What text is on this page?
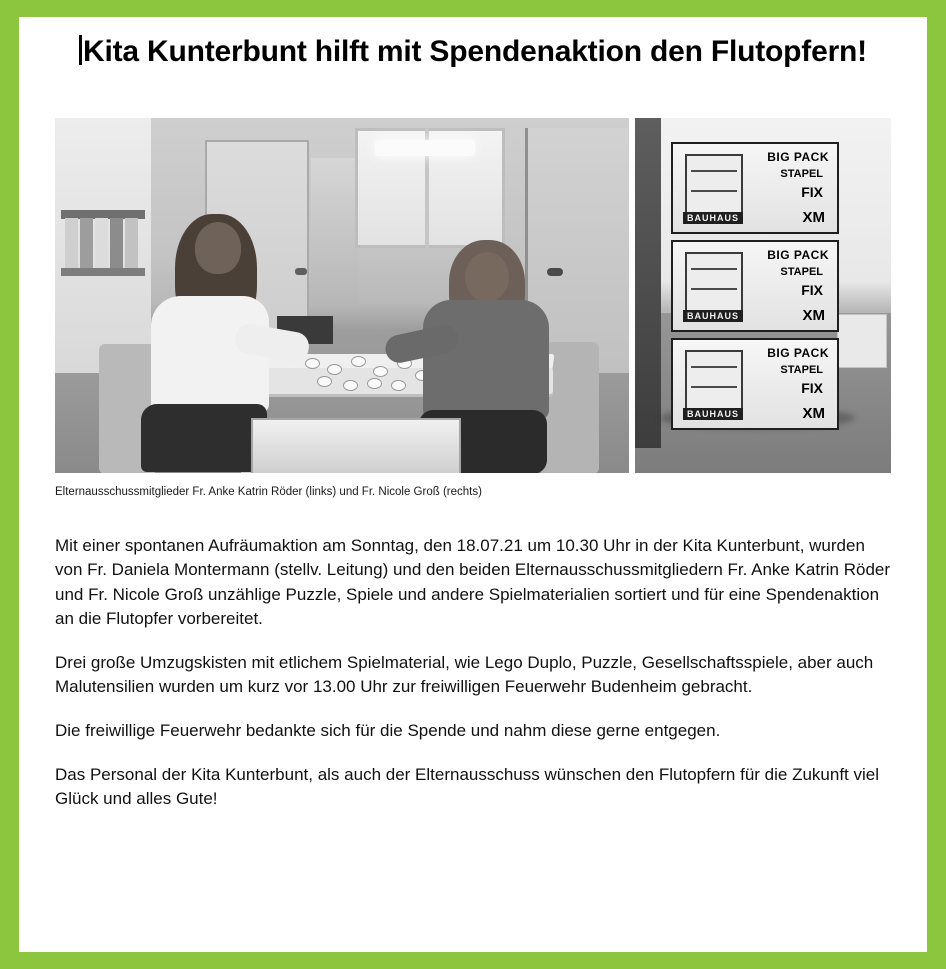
Kita Kunterbunt hilft mit Spendenaktion den Flutopfern!
BIG PACK
STAPEL
FIX
BAUHAUS	XM
BIG PACK
STAPEL
FIX
BAUHAUS	XM
BIG PACK
STAPEL
FIX
BAUHAUS	XM
Elternausschussmitglieder Fr. Anke Katrin Röder (links) und Fr. Nicole Groß (rechts)

Mit einer spontanen Aufräumaktion am Sonntag, den 18.07.21 um 10.30 Uhr in der Kita Kunterbunt, wurden von Fr. Daniela Montermann (stellv. Leitung) und den beiden Elternausschussmitgliedern Fr. Anke Katrin Röder und Fr. Nicole Groß unzählige Puzzle, Spiele und andere Spielmaterialien sortiert und für eine Spendenaktion an die Flutopfer vorbereitet.

Drei große Umzugskisten mit etlichem Spielmaterial, wie Lego Duplo, Puzzle, Gesellschaftsspiele, aber auch Malutensilien wurden um kurz vor 13.00 Uhr zur freiwilligen Feuerwehr Budenheim gebracht.

Die freiwillige Feuerwehr bedankte sich für die Spende und nahm diese gerne entgegen.

Das Personal der Kita Kunterbunt, als auch der Elternausschuss wünschen den Flutopfern für die Zukunft viel Glück und alles Gute!
